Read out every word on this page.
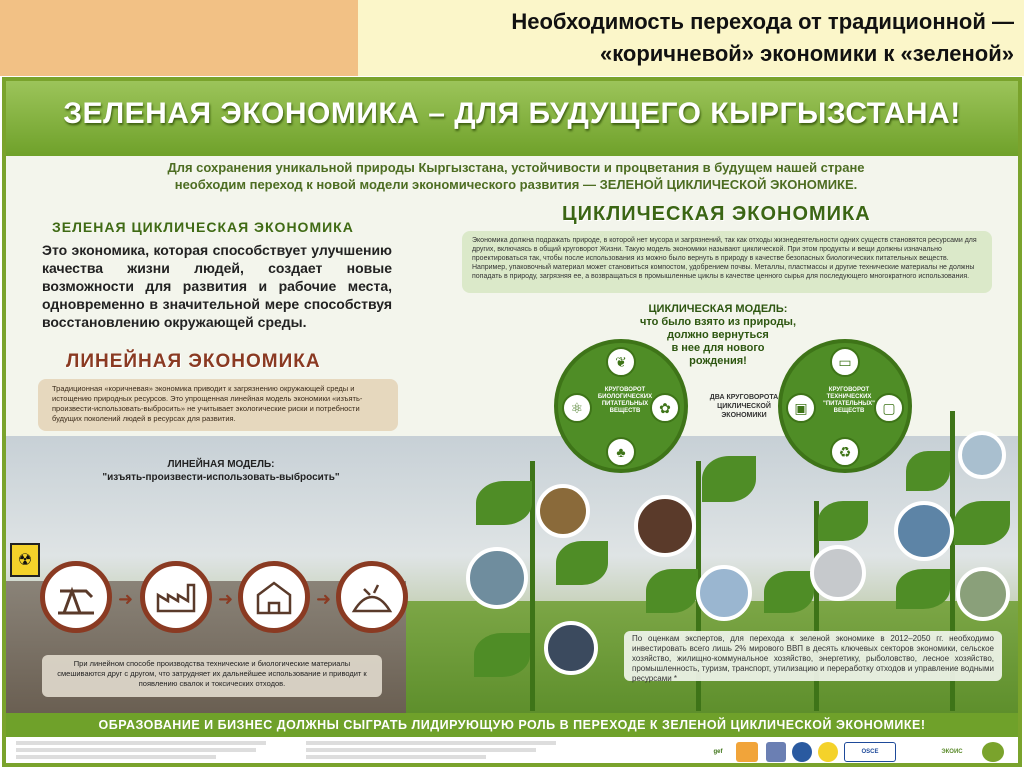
Необходимость перехода от традиционной —
«коричневой» экономики к «зеленой»
ЗЕЛЕНАЯ ЭКОНОМИКА – ДЛЯ БУДУЩЕГО КЫРГЫЗСТАНА!
Для сохранения уникальной природы Кыргызстана, устойчивости и процветания в будущем нашей стране
необходим переход к новой модели экономического развития — ЗЕЛЕНОЙ ЦИКЛИЧЕСКОЙ ЭКОНОМИКЕ.
ЗЕЛЕНАЯ ЦИКЛИЧЕСКАЯ ЭКОНОМИКА
Это экономика, которая способствует улучшению качества жизни людей, создает новые возможности для развития и рабочие места, одновременно в значительной мере способствуя восстановлению окружающей среды.
ЛИНЕЙНАЯ ЭКОНОМИКА
Традиционная «коричневая» экономика приводит к загрязнению окружающей среды и истощению природных ресурсов. Это упрощенная линейная модель экономики «изъять-произвести-использовать-выбросить» не учитывает экологические риски и потребности будущих поколений людей в ресурсах для развития.
ЛИНЕЙНАЯ МОДЕЛЬ:
"изъять-произвести-использовать-выбросить"
☢
➜	➜	➜
При линейном способе производства технические и биологические материалы смешиваются друг с другом, что затрудняет их дальнейшее использование и приводит к появлению свалок и токсических отходов.
ЦИКЛИЧЕСКАЯ ЭКОНОМИКА
Экономика должна подражать природе, в которой нет мусора и загрязнений, так как отходы жизнедеятельности одних существ становятся ресурсами для других, включаясь в общий круговорот Жизни. Такую модель экономики называют циклической. При этом продукты и вещи должны изначально проектироваться так, чтобы после использования из можно было вернуть в природу в качестве безопасных биологических питательных веществ. Например, упаковочный материал может становиться компостом, удобрением почвы. Металлы, пластмассы и другие технические материалы не должны попадать в природу, загрязняя ее, а возвращаться в промышленные циклы в качестве ценного сырья для последующего многократного использования.
ЦИКЛИЧЕСКАЯ МОДЕЛЬ:
что было взято из природы,
должно вернуться
в нее для нового
рождения!
❦
⚛	✿
♣
КРУГОВОРОТ БИОЛОГИЧЕСКИХ ПИТАТЕЛЬНЫХ ВЕЩЕСТВ
ДВА КРУГОВОРОТА ЦИКЛИЧЕСКОЙ ЭКОНОМИКИ
▭
▣	▢
♻
КРУГОВОРОТ ТЕХНИЧЕСКИХ "ПИТАТЕЛЬНЫХ" ВЕЩЕСТВ
По оценкам экспертов, для перехода к зеленой экономике в 2012–2050 гг. необходимо инвестировать всего лишь 2% мирового ВВП в десять ключевых секторов экономики, сельское хозяйство, жилищно-коммунальное хозяйство, энергетику, рыболовство, лесное хозяйство, промышленность, туризм, транспорт, утилизацию и переработку отходов и управление водными ресурсами *
ОБРАЗОВАНИЕ И БИЗНЕС ДОЛЖНЫ СЫГРАТЬ ЛИДИРУЮЩУЮ РОЛЬ В ПЕРЕХОДЕ К ЗЕЛЕНОЙ ЦИКЛИЧЕСКОЙ ЭКОНОМИКЕ!
gef	OSCE	ЭКОИС
